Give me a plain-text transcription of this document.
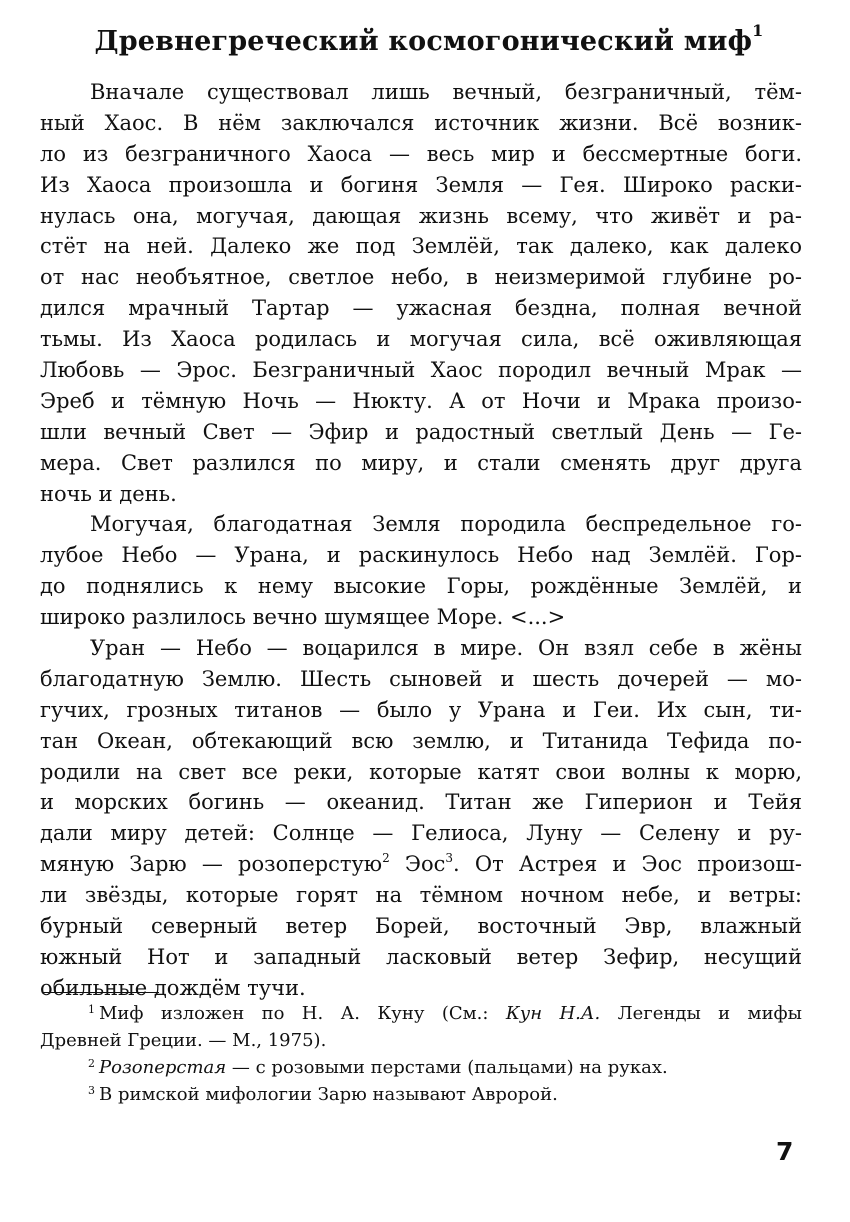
Древнегреческий космогонический миф$^1$
Вначале существовал лишь вечный, безграничный, тём-
ный Хаос. В нём заключался источник жизни. Всё возник-
ло из безграничного Хаоса — весь мир и бессмертные боги.
Из Хаоса произошла и богиня Земля — Гея. Широко раски-
нулась она, могучая, дающая жизнь всему, что живёт и ра-
стёт на ней. Далеко же под Землёй, так далеко, как далеко
от нас необъятное, светлое небо, в неизмеримой глубине ро-
дился мрачный Тартар — ужасная бездна, полная вечной
тьмы. Из Хаоса родилась и могучая сила, всё оживляющая
Любовь — Эрос. Безграничный Хаос породил вечный Мрак —
Эреб и тёмную Ночь — Нюкту. А от Ночи и Мрака произо-
шли вечный Свет — Эфир и радостный светлый День — Ге-
мера. Свет разлился по миру, и стали сменять друг друга
ночь и день.
Могучая, благодатная Земля породила беспредельное го-
лубое Небо — Урана, и раскинулось Небо над Землёй. Гор-
до поднялись к нему высокие Горы, рождённые Землёй, и
широко разлилось вечно шумящее Море. <...>
Уран — Небо — воцарился в мире. Он взял себе в жёны
благодатную Землю. Шесть сыновей и шесть дочерей — мо-
гучих, грозных титанов — было у Урана и Геи. Их сын, ти-
тан Океан, обтекающий всю землю, и Титанида Тефида по-
родили на свет все реки, которые катят свои волны к морю,
и морских богинь — океанид. Титан же Гиперион и Тейя
дали миру детей: Солнце — Гелиоса, Луну — Селену и ру-
мяную Зарю — розоперстую$^2$ Эос$^3$. От Астрея и Эос произош-
ли звёзды, которые горят на тёмном ночном небе, и ветры:
бурный северный ветер Борей, восточный Эвр, влажный
южный Нот и западный ласковый ветер Зефир, несущий
обильные дождём тучи.
$^1$ Миф изложен по Н. А. Куну (См.: Кун Н.А. Легенды и мифы
Древней Греции. — М., 1975).
$^2$ Розоперстая — с розовыми перстами (пальцами) на руках.
$^3$ В римской мифологии Зарю называют Авророй.
7
